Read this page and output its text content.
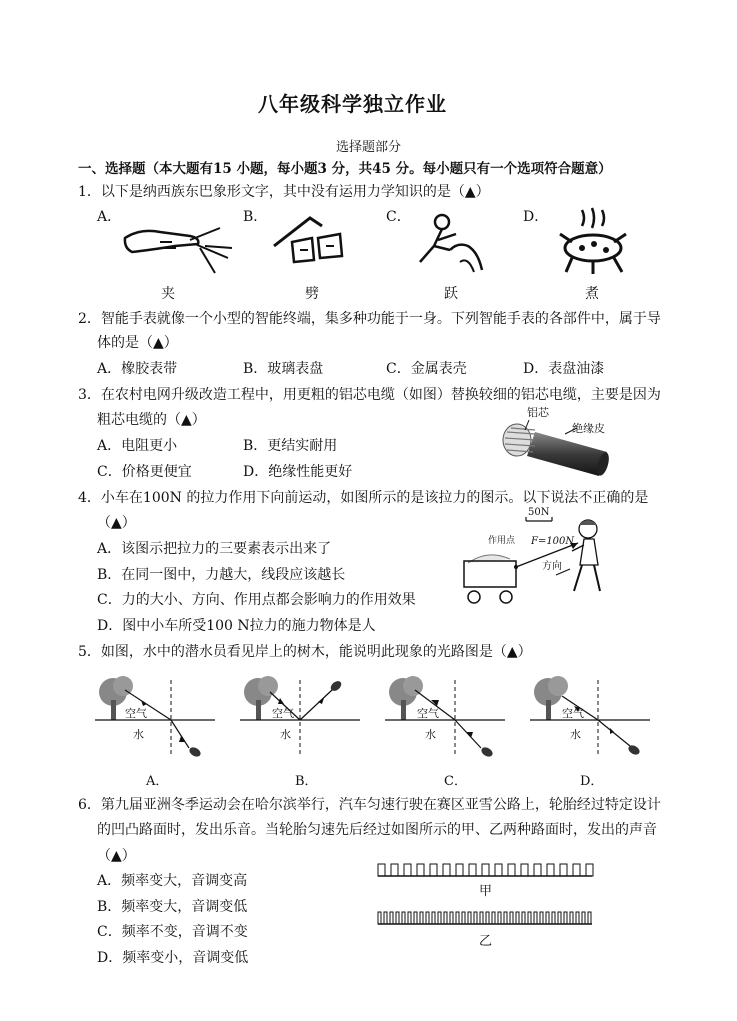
八年级科学独立作业
选择题部分
一、选择题（本大题有15 小题，每小题3 分，共45 分。每小题只有一个选项符合题意）
1．以下是纳西族东巴象形文字，其中没有运用力学知识的是（▲）
A．	B．	C．	D．
夹	劈	跃	煮
2．智能手表就像一个小型的智能终端，集多种功能于一身。下列智能手表的各部件中，属于导
体的是（▲）
A．橡胶表带	B．玻璃表盘	C．金属表壳	D．表盘油漆
3．在农村电网升级改造工程中，用更粗的铝芯电缆（如图）替换较细的铝芯电缆，主要是因为
粗芯电缆的（▲）
A．电阻更小	B．更结实耐用
C．价格更便宜	D．绝缘性能更好
铝芯
绝缘皮
4．小车在100N 的拉力作用下向前运动，如图所示的是该拉力的图示。以下说法不正确的是
（▲）
A．该图示把拉力的三要素表示出来了
B．在同一图中，力越大，线段应该越长
C．力的大小、方向、作用点都会影响力的作用效果
D．图中小车所受100 N拉力的施力物体是人
50N
作用点 F=100N
方向
5．如图，水中的潜水员看见岸上的树木，能说明此现象的光路图是（▲）
空气
水
空气
水
空气
水
空气
水
A．	B．	C．	D．
6．第九届亚洲冬季运动会在哈尔滨举行，汽车匀速行驶在赛区亚雪公路上，轮胎经过特定设计
的凹凸路面时，发出乐音。当轮胎匀速先后经过如图所示的甲、乙两种路面时，发出的声音
（▲）
A．频率变大，音调变高
B．频率变大，音调变低
C．频率不变，音调不变
D．频率变小，音调变低
甲
乙
